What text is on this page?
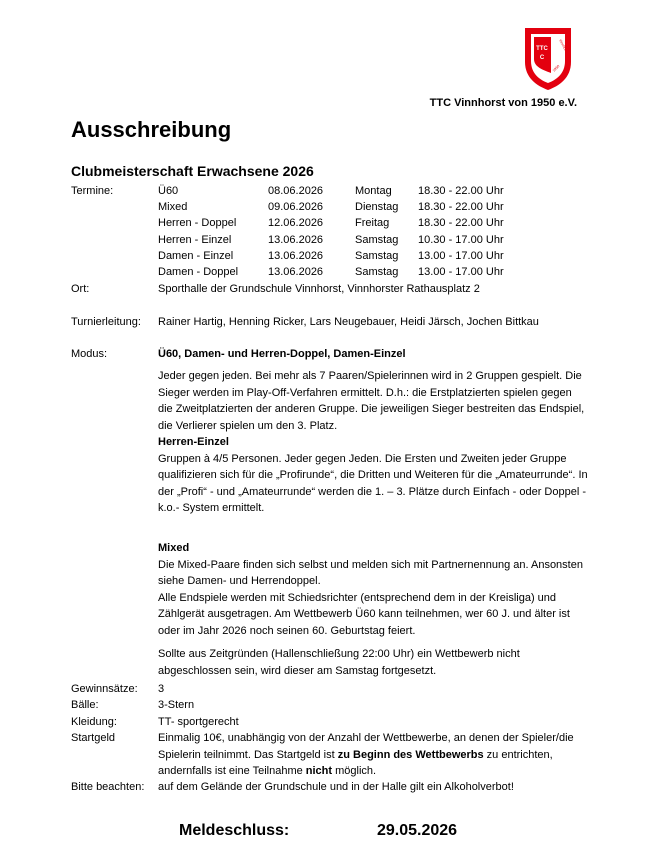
TTC
C
Vinnhorst
1950
TTC Vinnhorst von 1950 e.V.
Ausschreibung
Clubmeisterschaft Erwachsene 2026
Termine:	Ü60	08.06.2026	Montag 18.30 - 22.00 Uhr
Mixed	09.06.2026	Dienstag 18.30 - 22.00 Uhr
Herren - Doppel	12.06.2026	Freitag	18.30 - 22.00 Uhr
Herren - Einzel	13.06.2026	Samstag 10.30 - 17.00 Uhr
Damen - Einzel	13.06.2026	Samstag 13.00 - 17.00 Uhr
Damen - Doppel	13.06.2026	Samstag 13.00 - 17.00 Uhr
Ort:	Sporthalle der Grundschule Vinnhorst, Vinnhorster Rathausplatz 2
Turnierleitung: Rainer Hartig, Henning Ricker, Lars Neugebauer, Heidi Järsch, Jochen Bittkau
Modus:	Ü60, Damen- und Herren-Doppel, Damen-Einzel

Jeder gegen jeden. Bei mehr als 7 Paaren/Spielerinnen wird in 2 Gruppen gespielt. Die Sieger werden im Play-Off-Verfahren ermittelt. D.h.: die Erstplatzierten spielen gegen die Zweitplatzierten der anderen Gruppe. Die jeweiligen Sieger bestreiten das Endspiel, die Verlierer spielen um den 3. Platz.

Herren-Einzel

Gruppen à 4/5 Personen. Jeder gegen Jeden. Die Ersten und Zweiten jeder Gruppe qualifizieren sich für die „Profirunde“, die Dritten und Weiteren für die „Amateurrunde“. In der „Profi“ - und „Amateurrunde“ werden die 1. – 3. Plätze durch Einfach - oder Doppel - k.o.- System ermittelt.

Mixed

Die Mixed-Paare finden sich selbst und melden sich mit Partnernennung an. Ansonsten siehe Damen- und Herrendoppel.

Alle Endspiele werden mit Schiedsrichter (entsprechend dem in der Kreisliga) und Zählgerät ausgetragen. Am Wettbewerb Ü60 kann teilnehmen, wer 60 J. und älter ist oder im Jahr 2026 noch seinen 60. Geburtstag feiert.

Sollte aus Zeitgründen (Hallenschließung 22:00 Uhr) ein Wettbewerb nicht abgeschlossen sein, wird dieser am Samstag fortgesetzt.

Gewinnsätze: 3
Bälle:	3-Stern
Kleidung:	TT- sportgerecht
Startgeld	Einmalig 10€, unabhängig von der Anzahl der Wettbewerbe, an denen der Spieler/die Spielerin teilnimmt. Das Startgeld ist zu Beginn des Wettbewerbs zu entrichten, andernfalls ist eine Teilnahme nicht möglich.
Bitte beachten: auf dem Gelände der Grundschule und in der Halle gilt ein Alkoholverbot!
Meldeschluss:	29.05.2026
